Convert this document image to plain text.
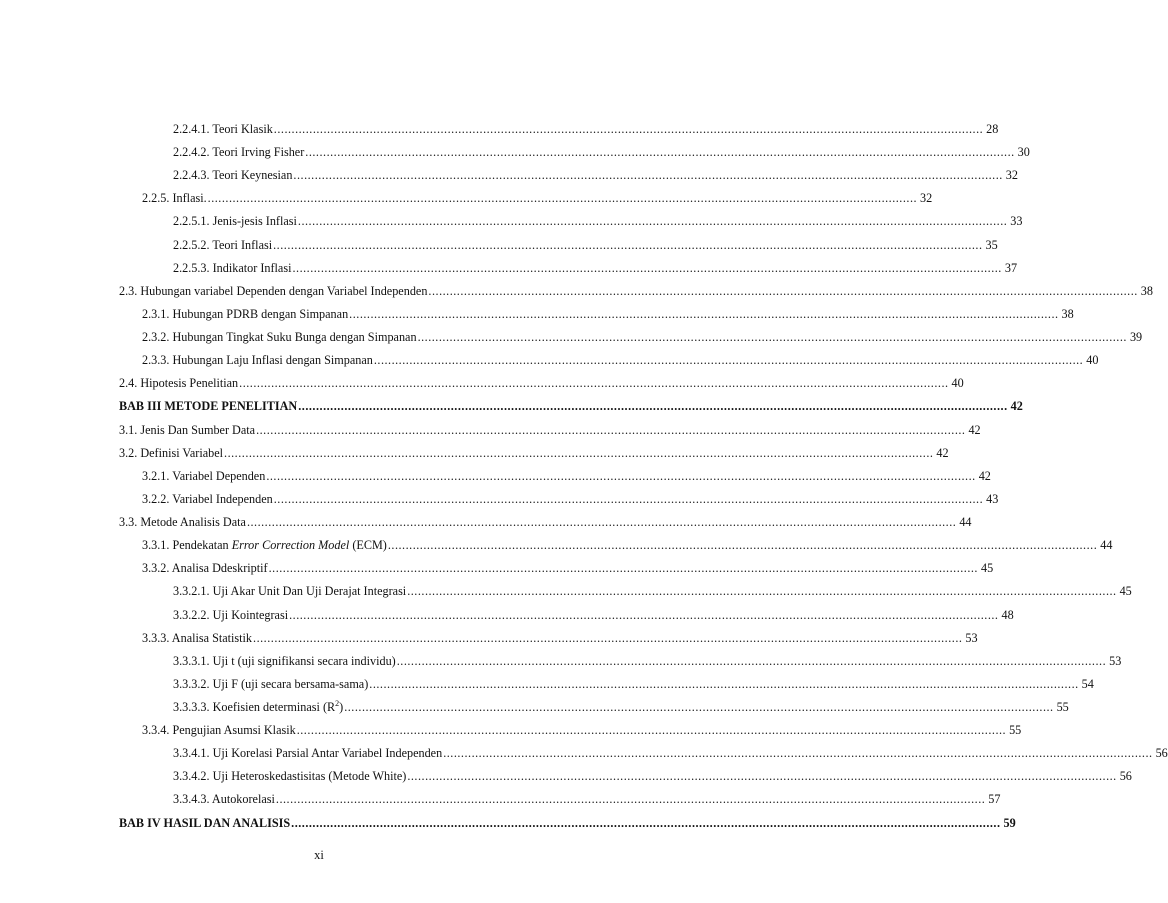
2.2.4.1. Teori Klasik ........................................................................................................................................................................................................ 28
2.2.4.2. Teori Irving Fisher ........................................................................................................................................................................................................ 30
2.2.4.3. Teori Keynesian ........................................................................................................................................................................................................ 32
2.2.5. Inflasi. ........................................................................................................................................................................................................ 32
2.2.5.1. Jenis-jesis Inflasi ........................................................................................................................................................................................................ 33
2.2.5.2. Teori Inflasi ........................................................................................................................................................................................................ 35
2.2.5.3. Indikator Inflasi ........................................................................................................................................................................................................ 37
2.3. Hubungan variabel Dependen dengan Variabel Independen ........................................................................................................................................................................................................ 38
2.3.1. Hubungan PDRB dengan Simpanan ........................................................................................................................................................................................................ 38
2.3.2. Hubungan Tingkat Suku Bunga dengan Simpanan ........................................................................................................................................................................................................ 39
2.3.3. Hubungan Laju Inflasi dengan Simpanan ........................................................................................................................................................................................................ 40
2.4. Hipotesis Penelitian ........................................................................................................................................................................................................ 40
BAB III METODE PENELITIAN ........................................................................................................................................................................................................ 42
3.1. Jenis Dan Sumber Data ........................................................................................................................................................................................................ 42
3.2. Definisi Variabel ........................................................................................................................................................................................................ 42
3.2.1. Variabel Dependen ........................................................................................................................................................................................................ 42
3.2.2. Variabel Independen ........................................................................................................................................................................................................ 43
3.3. Metode Analisis Data ........................................................................................................................................................................................................ 44
3.3.1. Pendekatan Error Correction Model (ECM) ........................................................................................................................................................................................................ 44
3.3.2. Analisa Ddeskriptif ........................................................................................................................................................................................................ 45
3.3.2.1. Uji Akar Unit Dan Uji Derajat Integrasi ........................................................................................................................................................................................................ 45
3.3.2.2. Uji Kointegrasi ........................................................................................................................................................................................................ 48
3.3.3. Analisa Statistik ........................................................................................................................................................................................................ 53
3.3.3.1. Uji t (uji signifikansi secara individu) ........................................................................................................................................................................................................ 53
3.3.3.2. Uji F (uji secara bersama-sama) ........................................................................................................................................................................................................ 54
3.3.3.3. Koefisien determinasi $(R^2)$ ........................................................................................................................................................................................................ 55
3.3.4. Pengujian Asumsi Klasik ........................................................................................................................................................................................................ 55
3.3.4.1. Uji Korelasi Parsial Antar Variabel Independen ........................................................................................................................................................................................................ 56
3.3.4.2. Uji Heteroskedastisitas (Metode White) ........................................................................................................................................................................................................ 56
3.3.4.3. Autokorelasi ........................................................................................................................................................................................................ 57
BAB IV HASIL DAN ANALISIS ........................................................................................................................................................................................................ 59
xi
